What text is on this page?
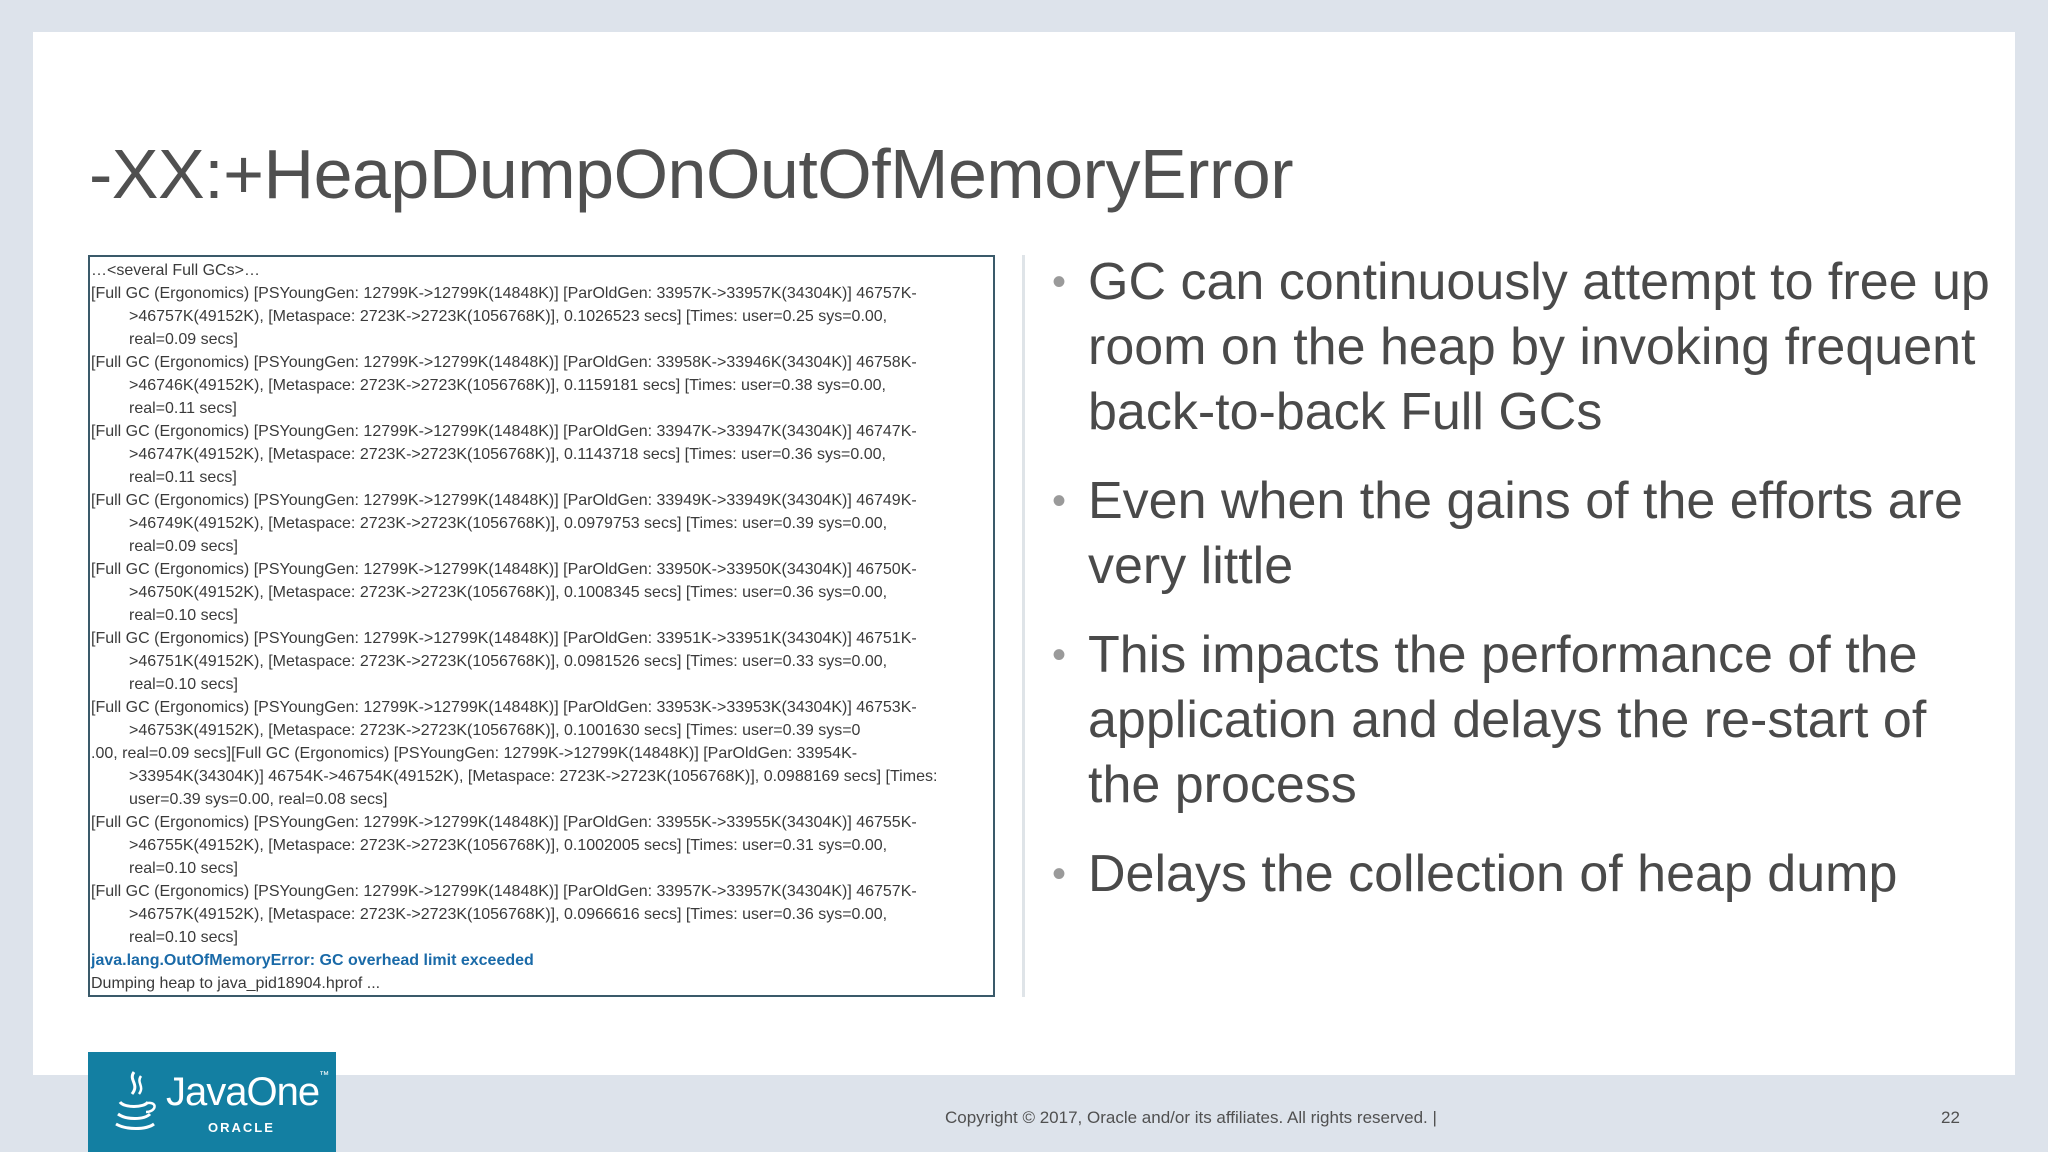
-XX:+HeapDumpOnOutOfMemoryError
…<several Full GCs>…
[Full GC (Ergonomics) [PSYoungGen: 12799K->12799K(14848K)] [ParOldGen: 33957K->33957K(34304K)] 46757K-
>46757K(49152K), [Metaspace: 2723K->2723K(1056768K)], 0.1026523 secs] [Times: user=0.25 sys=0.00,
real=0.09 secs]
[Full GC (Ergonomics) [PSYoungGen: 12799K->12799K(14848K)] [ParOldGen: 33958K->33946K(34304K)] 46758K-
>46746K(49152K), [Metaspace: 2723K->2723K(1056768K)], 0.1159181 secs] [Times: user=0.38 sys=0.00,
real=0.11 secs]
[Full GC (Ergonomics) [PSYoungGen: 12799K->12799K(14848K)] [ParOldGen: 33947K->33947K(34304K)] 46747K-
>46747K(49152K), [Metaspace: 2723K->2723K(1056768K)], 0.1143718 secs] [Times: user=0.36 sys=0.00,
real=0.11 secs]
[Full GC (Ergonomics) [PSYoungGen: 12799K->12799K(14848K)] [ParOldGen: 33949K->33949K(34304K)] 46749K-
>46749K(49152K), [Metaspace: 2723K->2723K(1056768K)], 0.0979753 secs] [Times: user=0.39 sys=0.00,
real=0.09 secs]
[Full GC (Ergonomics) [PSYoungGen: 12799K->12799K(14848K)] [ParOldGen: 33950K->33950K(34304K)] 46750K-
>46750K(49152K), [Metaspace: 2723K->2723K(1056768K)], 0.1008345 secs] [Times: user=0.36 sys=0.00,
real=0.10 secs]
[Full GC (Ergonomics) [PSYoungGen: 12799K->12799K(14848K)] [ParOldGen: 33951K->33951K(34304K)] 46751K-
>46751K(49152K), [Metaspace: 2723K->2723K(1056768K)], 0.0981526 secs] [Times: user=0.33 sys=0.00,
real=0.10 secs]
[Full GC (Ergonomics) [PSYoungGen: 12799K->12799K(14848K)] [ParOldGen: 33953K->33953K(34304K)] 46753K-
>46753K(49152K), [Metaspace: 2723K->2723K(1056768K)], 0.1001630 secs] [Times: user=0.39 sys=0
.00, real=0.09 secs][Full GC (Ergonomics) [PSYoungGen: 12799K->12799K(14848K)] [ParOldGen: 33954K-
>33954K(34304K)] 46754K->46754K(49152K), [Metaspace: 2723K->2723K(1056768K)], 0.0988169 secs] [Times:
user=0.39 sys=0.00, real=0.08 secs]
[Full GC (Ergonomics) [PSYoungGen: 12799K->12799K(14848K)] [ParOldGen: 33955K->33955K(34304K)] 46755K-
>46755K(49152K), [Metaspace: 2723K->2723K(1056768K)], 0.1002005 secs] [Times: user=0.31 sys=0.00,
real=0.10 secs]
[Full GC (Ergonomics) [PSYoungGen: 12799K->12799K(14848K)] [ParOldGen: 33957K->33957K(34304K)] 46757K-
>46757K(49152K), [Metaspace: 2723K->2723K(1056768K)], 0.0966616 secs] [Times: user=0.36 sys=0.00,
real=0.10 secs]
java.lang.OutOfMemoryError: GC overhead limit exceeded
Dumping heap to java_pid18904.hprof ...
• GC can continuously attempt to free up room on the heap by invoking frequent back-to-back Full GCs
• Even when the gains of the efforts are very little
• This impacts the performance of the application and delays the re-start of the process
• Delays the collection of heap dump
JavaOne™
ORACLE
Copyright © 2017, Oracle and/or its affiliates. All rights reserved. |	22
